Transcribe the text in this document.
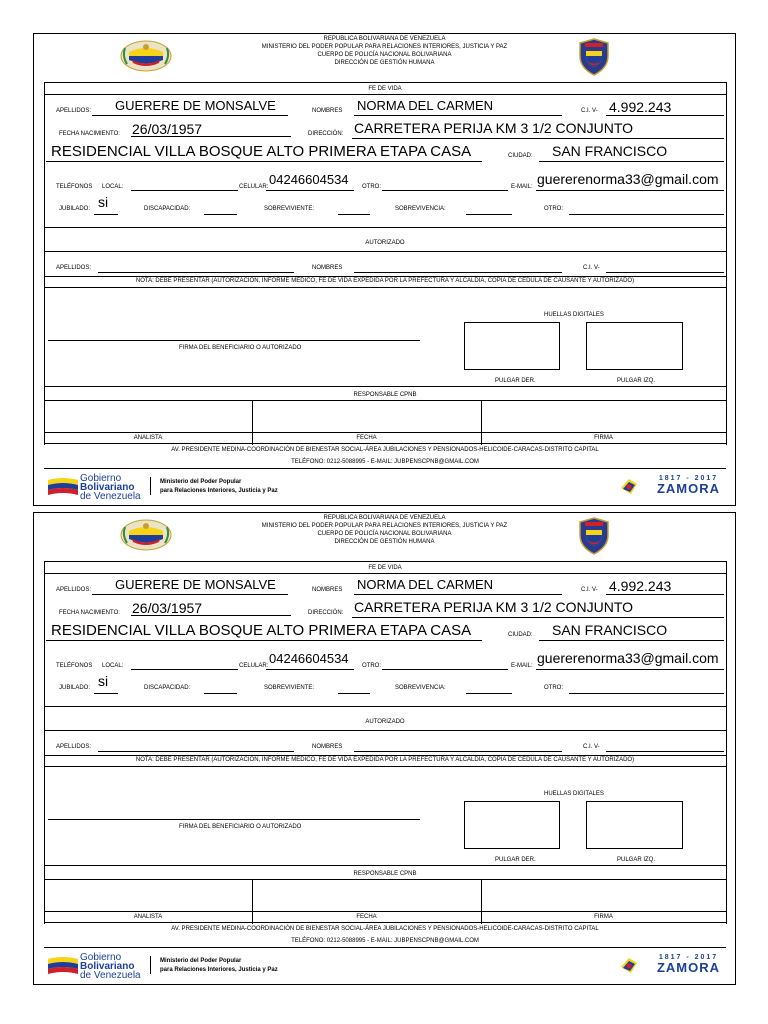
REPUBLICA BOLIVARIANA DE VENEZUELA
MINISTERIO DEL PODER POPULAR PARA RELACIONES INTERIORES, JUSTICIA Y PAZ
CUERPO DE POLICÍA NACIONAL BOLIVARIANA
DIRECCIÓN DE GESTIÓN HUMANA
FE DE VIDA
APELLIDOS: GUERERE DE MONSALVE	NOMBRES NORMA DEL CARMEN	C.I. V- 4.992.243
FECHA NACIMIENTO: 26/03/1957	DIRECCIÓN: CARRETERA PERIJA KM 3 1/2 CONJUNTO
RESIDENCIAL VILLA BOSQUE ALTO PRIMERA ETAPA CASA	CIUDAD: SAN FRANCISCO
TELÉFONOS LOCAL:	CELULAR: 04246604534 OTRO:	E-MAIL: guererenorma33@gmail.com
JUBILADO: si	DISCAPACIDAD:	SOBREVIVIENTE:	SOBREVIVENCIA:	OTRO:
AUTORIZADO
APELLIDOS:	NOMBRES	C.I. V-
NOTA: DEBE PRESENTAR (AUTORIZACIÓN, INFORME MEDICO, FE DE VIDA EXPEDIDA POR LA PREFECTURA Y ALCALDÍA, COPIA DE CÉDULA DE CAUSANTE Y AUTORIZADO)
HUELLAS DIGITALES
FIRMA DEL BENEFICIARIO O AUTORIZADO
PULGAR DER.	PULGAR IZQ.
RESPONSABLE CPNB
ANALISTA	FECHA	FIRMA
AV. PRESIDENTE MEDINA-COORDINACIÓN DE BIENESTAR SOCIAL-ÁREA JUBILACIONES Y PENSIONADOS-HELICOIDE-CARACAS-DISTRITO CAPITAL
TELÉFONO: 0212-5088995 - E-MAIL: JUBPENSCPNB@GMAIL.COM
Gobierno
Bolivariano
de Venezuela
Ministerio del Poder Popular
para Relaciones Interiores, Justicia y Paz
1817 - 2017
ZAMORA
REPUBLICA BOLIVARIANA DE VENEZUELA
MINISTERIO DEL PODER POPULAR PARA RELACIONES INTERIORES, JUSTICIA Y PAZ
CUERPO DE POLICÍA NACIONAL BOLIVARIANA
DIRECCIÓN DE GESTIÓN HUMANA
FE DE VIDA
APELLIDOS: GUERERE DE MONSALVE	NOMBRES NORMA DEL CARMEN	C.I. V- 4.992.243
FECHA NACIMIENTO: 26/03/1957	DIRECCIÓN: CARRETERA PERIJA KM 3 1/2 CONJUNTO
RESIDENCIAL VILLA BOSQUE ALTO PRIMERA ETAPA CASA	CIUDAD: SAN FRANCISCO
TELÉFONOS LOCAL:	CELULAR: 04246604534 OTRO:	E-MAIL: guererenorma33@gmail.com
JUBILADO: si	DISCAPACIDAD:	SOBREVIVIENTE:	SOBREVIVENCIA:	OTRO:
AUTORIZADO
APELLIDOS:	NOMBRES	C.I. V-
NOTA: DEBE PRESENTAR (AUTORIZACIÓN, INFORME MEDICO, FE DE VIDA EXPEDIDA POR LA PREFECTURA Y ALCALDÍA, COPIA DE CÉDULA DE CAUSANTE Y AUTORIZADO)
HUELLAS DIGITALES
FIRMA DEL BENEFICIARIO O AUTORIZADO
PULGAR DER.	PULGAR IZQ.
RESPONSABLE CPNB
ANALISTA	FECHA	FIRMA
AV. PRESIDENTE MEDINA-COORDINACIÓN DE BIENESTAR SOCIAL-ÁREA JUBILACIONES Y PENSIONADOS-HELICOIDE-CARACAS-DISTRITO CAPITAL
TELÉFONO: 0212-5088995 - E-MAIL: JUBPENSCPNB@GMAIL.COM
Gobierno
Bolivariano
de Venezuela
Ministerio del Poder Popular
para Relaciones Interiores, Justicia y Paz
1817 - 2017
ZAMORA
